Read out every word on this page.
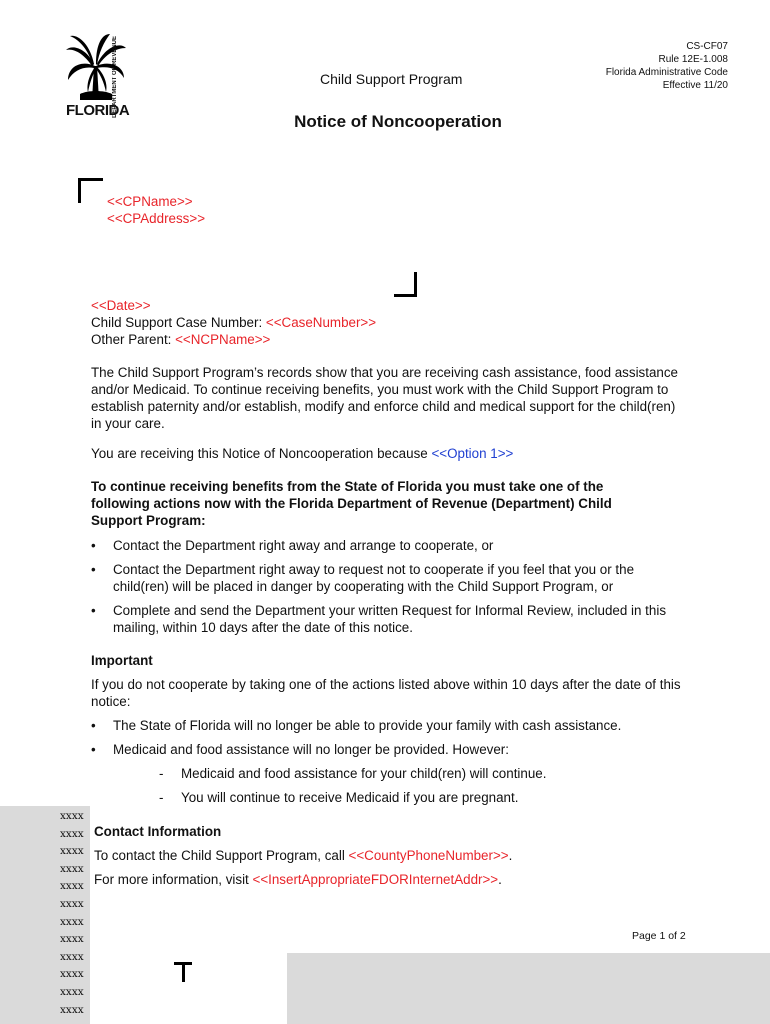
FLORIDA
DEPARTMENT OF REVENUE	Child Support Program
CS-CF07
Rule 12E-1.008
Florida Administrative Code
Effective 11/20
Notice of Noncooperation
<<CPName>>
<<CPAddress>>
<<Date>>
Child Support Case Number: <<CaseNumber>>
Other Parent: <<NCPName>>
The Child Support Program’s records show that you are receiving cash assistance, food assistance and/or Medicaid. To continue receiving benefits, you must work with the Child Support Program to establish paternity and/or establish, modify and enforce child and medical support for the child(ren) in your care.
You are receiving this Notice of Noncooperation because <<Option 1>>
To continue receiving benefits from the State of Florida you must take one of the following actions now with the Florida Department of Revenue (Department) Child Support Program:
• Contact the Department right away and arrange to cooperate, or
• Contact the Department right away to request not to cooperate if you feel that you or the child(ren) will be placed in danger by cooperating with the Child Support Program, or
• Complete and send the Department your written Request for Informal Review, included in this mailing, within 10 days after the date of this notice.
Important
If you do not cooperate by taking one of the actions listed above within 10 days after the date of this notice:
• The State of Florida will no longer be able to provide your family with cash assistance.
• Medicaid and food assistance will no longer be provided. However:
- Medicaid and food assistance for your child(ren) will continue.
- You will continue to receive Medicaid if you are pregnant.
xxxx
xxxx
xxxx
xxxx
xxxx
xxxx
xxxx
xxxx
xxxx
xxxx
xxxx
xxxx
Contact Information
To contact the Child Support Program, call <<CountyPhoneNumber>>.
For more information, visit <<InsertAppropriateFDORInternetAddr>>.
Page 1 of 2
